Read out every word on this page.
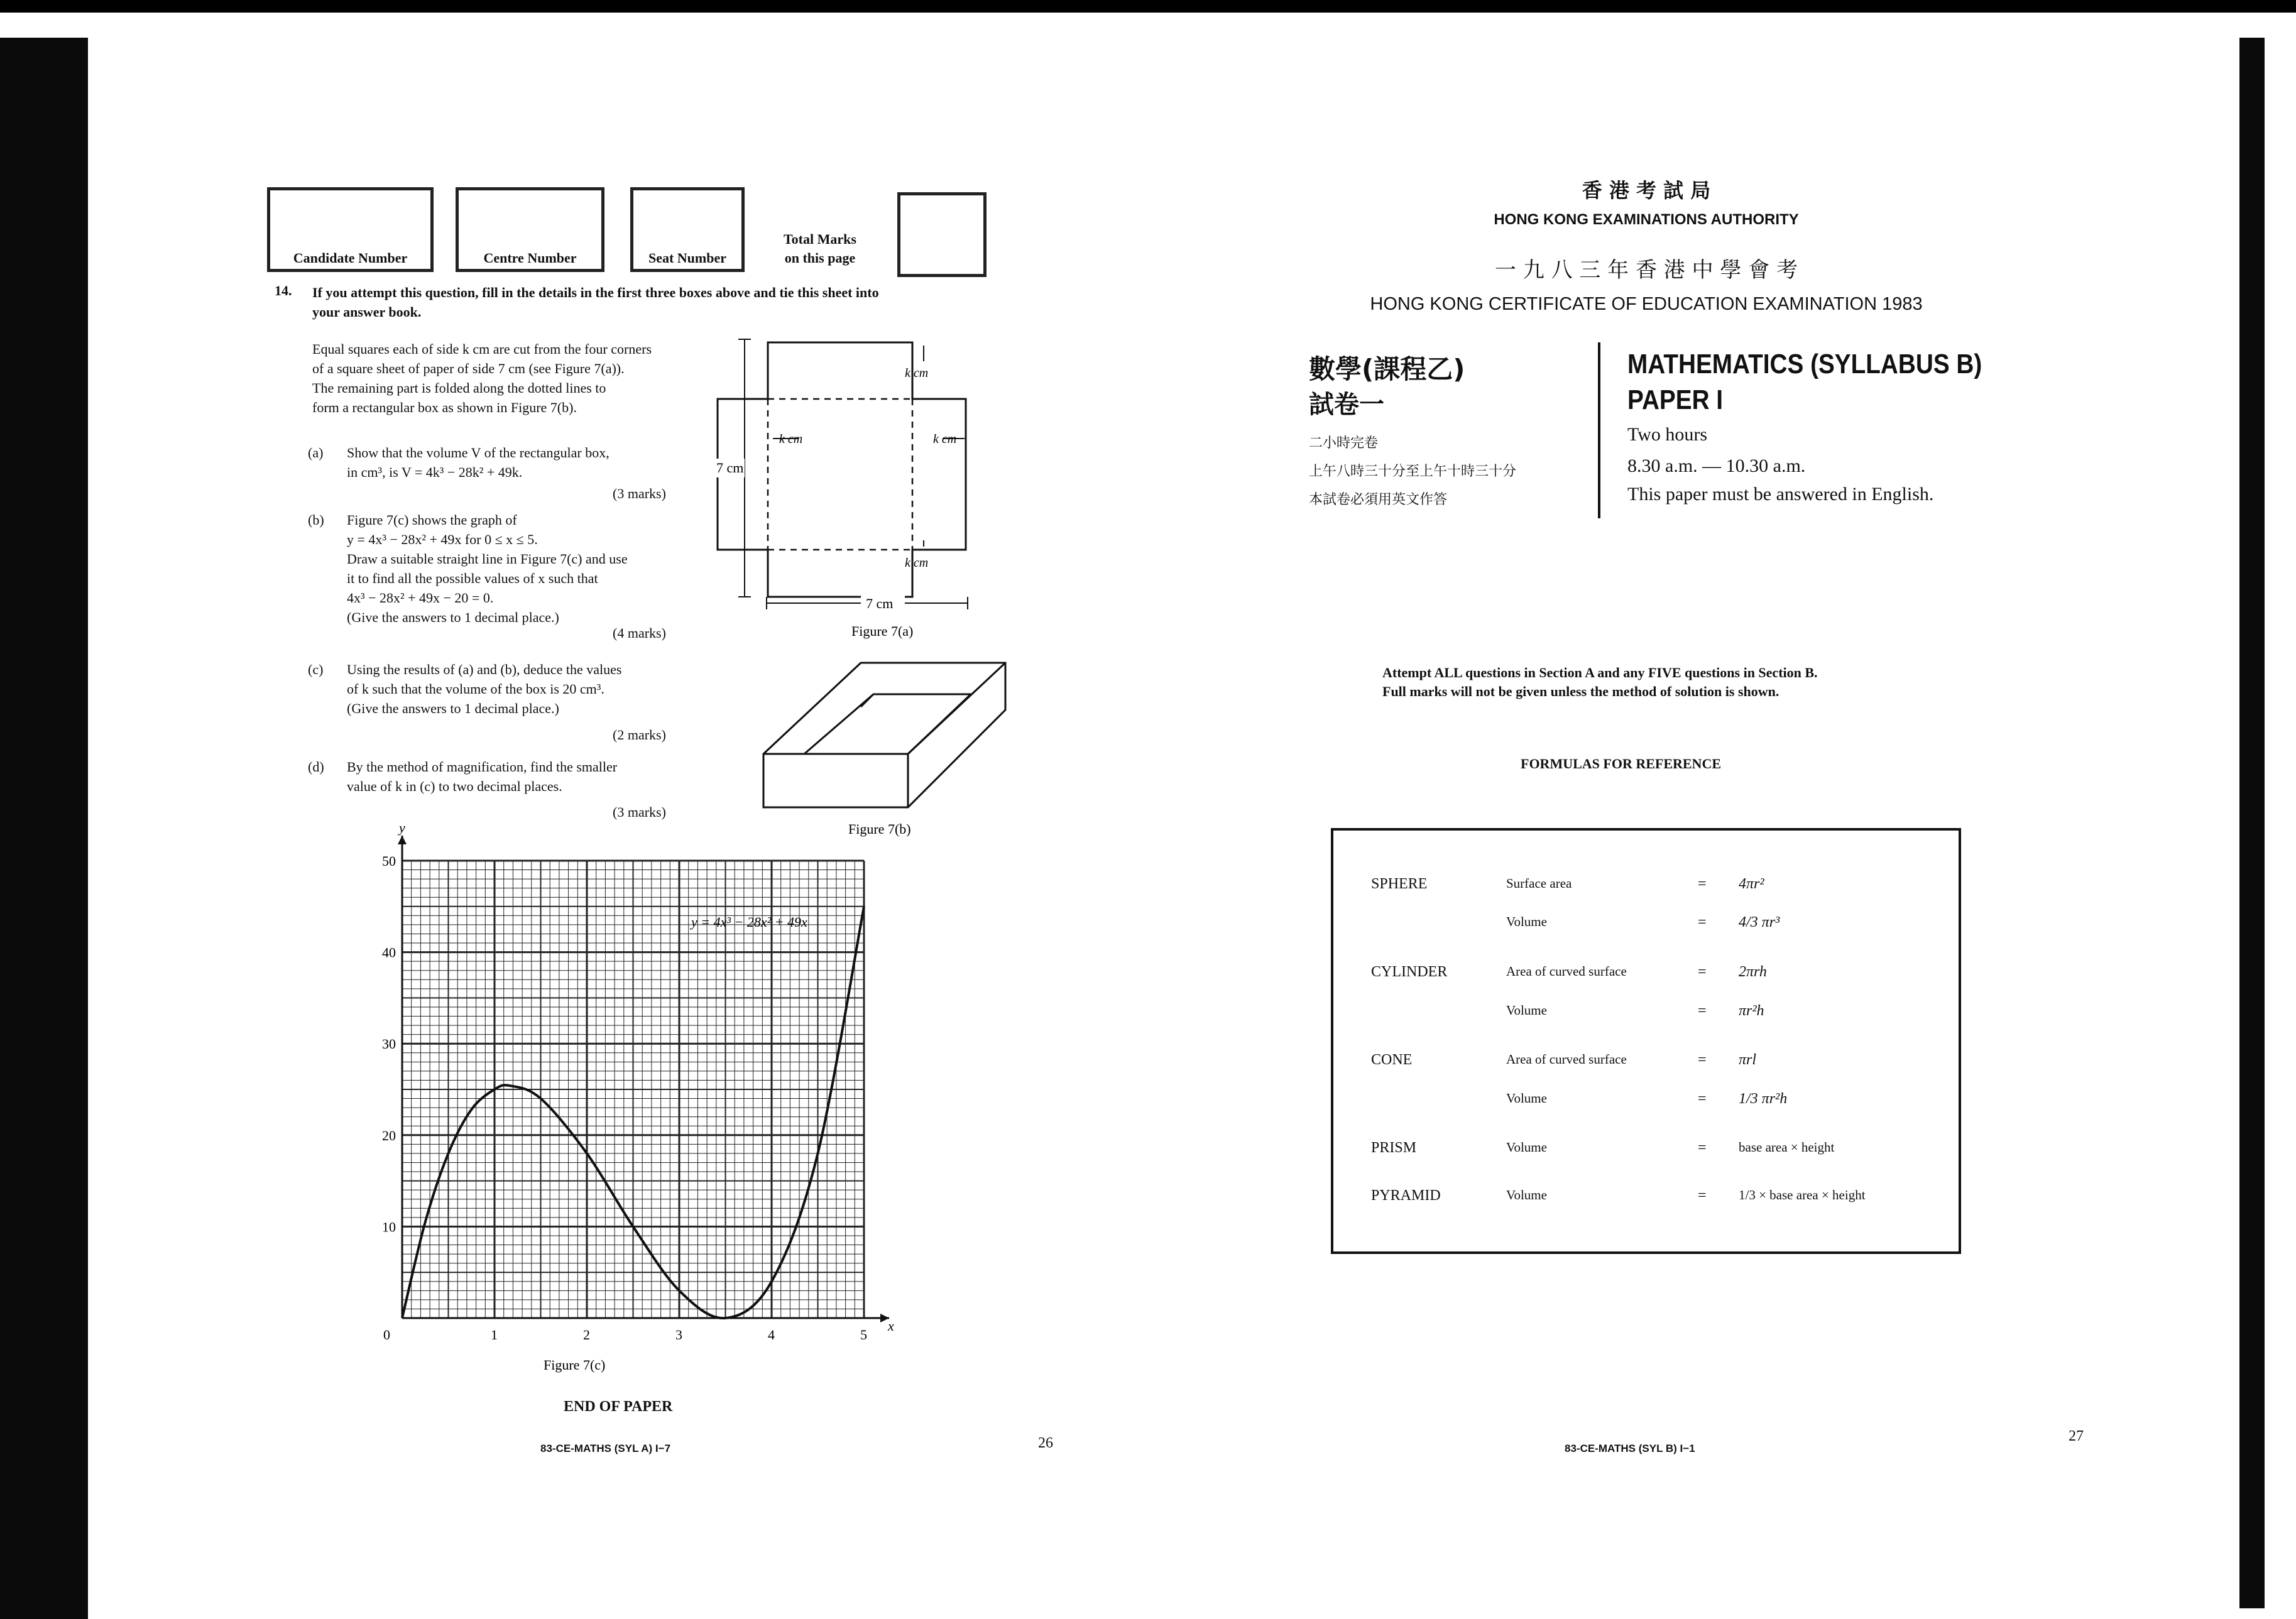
Candidate Number	Centre Number	Seat Number
Total Marks
on this page
14. If you attempt this question, fill in the details in the first three boxes above and tie this sheet into
your answer book.
Equal squares each of side k cm are cut from the four corners
of a square sheet of paper of side 7 cm (see Figure 7(a)).
The remaining part is folded along the dotted lines to
form a rectangular box as shown in Figure 7(b).
(a) Show that the volume V of the rectangular box,
in cm³, is V = 4k³ − 28k² + 49k.
(3 marks)
(b) Figure 7(c) shows the graph of
y = 4x³ − 28x² + 49x for 0 ≤ x ≤ 5.
Draw a suitable straight line in Figure 7(c) and use
it to find all the possible values of x such that
4x³ − 28x² + 49x − 20 = 0.
(Give the answers to 1 decimal place.)
(4 marks)
(c) Using the results of (a) and (b), deduce the values
of k such that the volume of the box is 20 cm³.
(Give the answers to 1 decimal place.)
(2 marks)
(d) By the method of magnification, find the smaller
value of k in (c) to two decimal places.
(3 marks)
k cm
k cm	k cm
k cm
7 cm
7 cm
Figure 7(a)
Figure 7(b)
0	1	2	3	4	5
10
20
30
40
50
y = 4x³ − 28x² + 49x
y
x
Figure 7(c)
END OF PAPER
83-CE-MATHS (SYL A) I−7	26
香 港 考 試 局
HONG KONG EXAMINATIONS AUTHORITY
一 九 八 三 年 香 港 中 學 會 考
HONG KONG CERTIFICATE OF EDUCATION EXAMINATION 1983
數學(課程乙)
試卷一
二小時完卷
上午八時三十分至上午十時三十分
本試卷必須用英文作答
MATHEMATICS (SYLLABUS B)
PAPER I
Two hours
8.30 a.m. — 10.30 a.m.
This paper must be answered in English.
Attempt ALL questions in Section A and any FIVE questions in Section B.
Full marks will not be given unless the method of solution is shown.
FORMULAS FOR REFERENCE
SPHERE	Surface area	= 4πr²
Volume	= 4/3 πr³
CYLINDER	Area of curved surface	= 2πrh
Volume	= πr²h
CONE	Area of curved surface	= πrl
Volume	= 1/3 πr²h
PRISM	Volume	= base area × height
PYRAMID	Volume	= 1/3 × base area × height
83-CE-MATHS (SYL B) I−1
27
